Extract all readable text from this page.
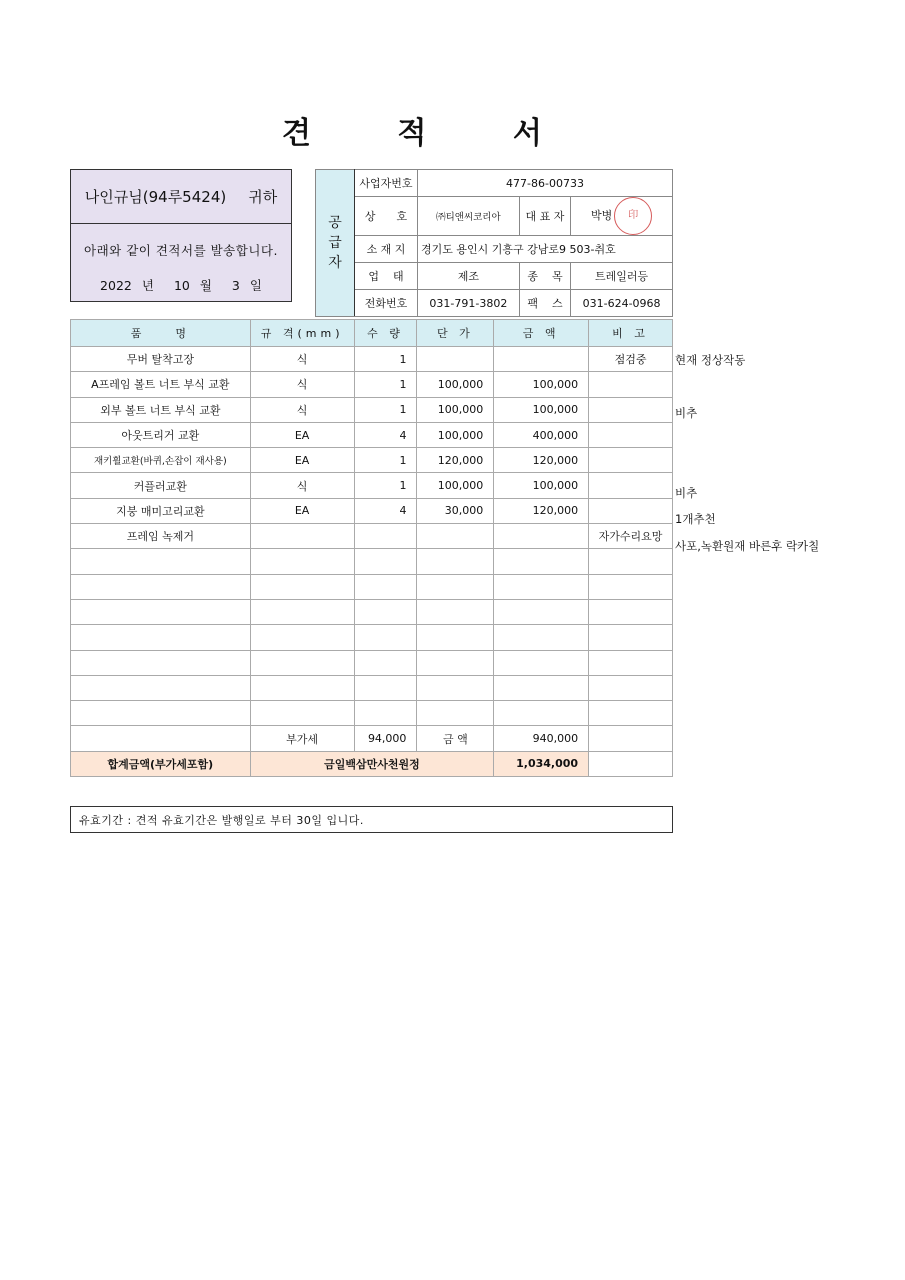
견 적 서
나인규님(94루5424) 귀하
아래와 같이 견적서를 발송합니다.
2022 년 10 월 3 일
공
급
자	사업자번호	477-86-00733		
	상      호	㈜티앤씨코리아	대 표 자	박병 印
	소 재 지	경기도 용인시 기흥구 강남로9 503-취호		
	업    태	제조	종    목	트레일러등
	전화번호	031-791-3802	팩    스	031-624-0968
품    명	규 격(mm)	수 량	단 가	금 액	비 고
무버 탈착고장	식	1			점검중
A프레임 볼트 너트 부식 교환	식	1	100,000	100,000	
외부 볼트 너트 부식 교환	식	1	100,000	100,000	
아웃트리거 교환	EA	4	100,000	400,000	
재키휠교환(바퀴,손잡이 재사용)	EA	1	120,000	120,000	
커플러교환	식	1	100,000	100,000	
지붕 매미고리교환	EA	4	30,000	120,000	
프레임 녹제거					자가수리요망

	부가세	94,000	금 액	940,000	
합계금액(부가세포함)	금일백삼만사천원정			1,034,000	
현재 정상작동
비추
비추
1개추천
사포,녹환원재 바른후 락카칠
유효기간 : 견적 유효기간은 발행일로 부터 30일 입니다.
